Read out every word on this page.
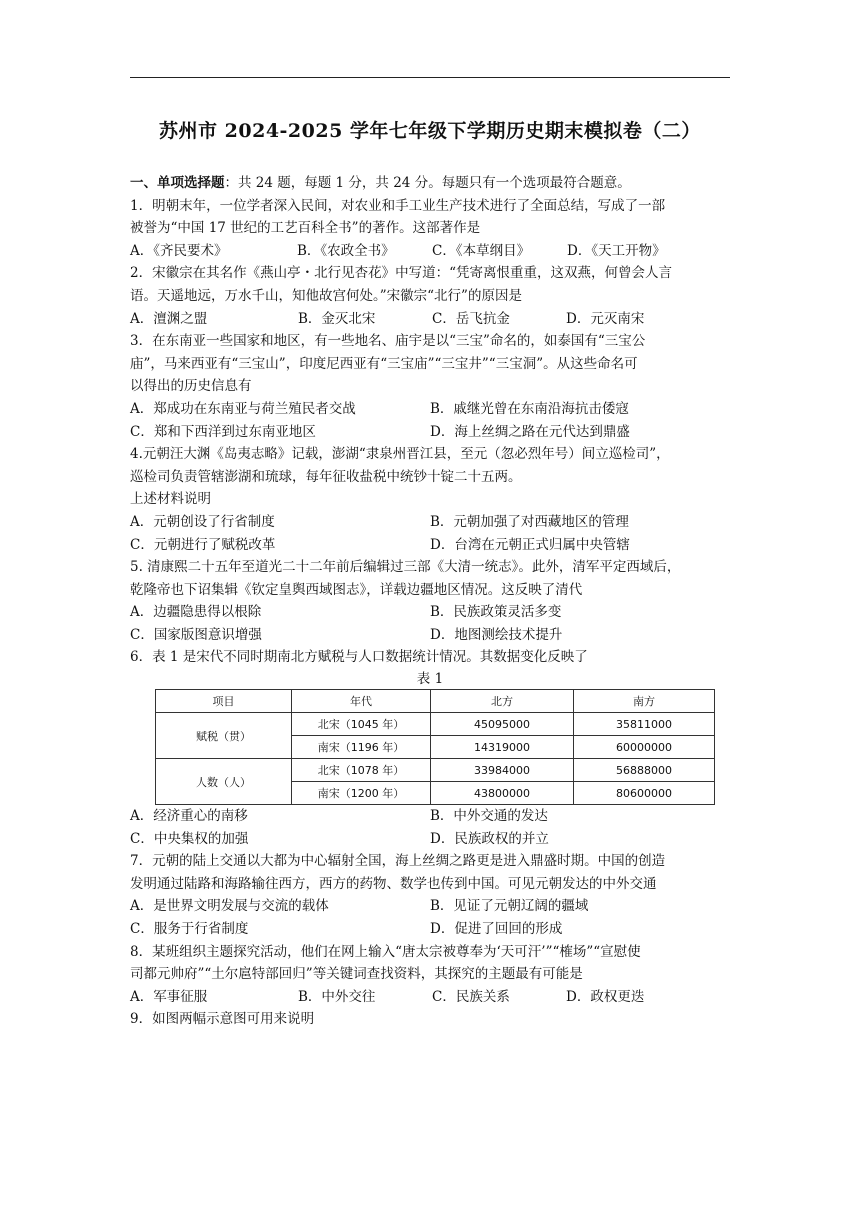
苏州市 2024-2025 学年七年级下学期历史期末模拟卷（二）
一、单项选择题：共 24 题，每题 1 分，共 24 分。每题只有一个选项最符合题意。
1．明朝末年，一位学者深入民间，对农业和手工业生产技术进行了全面总结，写成了一部
被誉为“中国 17 世纪的工艺百科全书”的著作。这部著作是
A．《齐民要术》	B．《农政全书》	C．《本草纲目》	D．《天工开物》
2．宋徽宗在其名作《燕山亭・北行见杏花》中写道：“凭寄离恨重重，这双燕，何曾会人言
语。天遥地远，万水千山，知他故宫何处。”宋徽宗“北行”的原因是
A．澶渊之盟	B．金灭北宋	C．岳飞抗金	D．元灭南宋
3．在东南亚一些国家和地区，有一些地名、庙宇是以“三宝”命名的，如泰国有“三宝公
庙”，马来西亚有“三宝山”，印度尼西亚有“三宝庙”“三宝井”“三宝洞”。从这些命名可
以得出的历史信息有
A．郑成功在东南亚与荷兰殖民者交战	B．戚继光曾在东南沿海抗击倭寇
C．郑和下西洋到过东南亚地区	D．海上丝绸之路在元代达到鼎盛
4.元朝汪大渊《岛夷志略》记载，澎湖“隶泉州晋江县，至元（忽必烈年号）间立巡检司”，
巡检司负责管辖澎湖和琉球，每年征收盐税中统钞十锭二十五两。
上述材料说明
A．元朝创设了行省制度	B．元朝加强了对西藏地区的管理
C．元朝进行了赋税改革	D．台湾在元朝正式归属中央管辖
5. 清康熙二十五年至道光二十二年前后编辑过三部《大清一统志》。此外，清军平定西域后，
乾隆帝也下诏集辑《钦定皇舆西域图志》，详载边疆地区情况。这反映了清代
A．边疆隐患得以根除	B．民族政策灵活多变
C．国家版图意识增强	D．地图测绘技术提升
6．表 1 是宋代不同时期南北方赋税与人口数据统计情况。其数据变化反映了
表 1
项目	年代	北方	南方
赋税（贯）	北宋（1045 年）	45095000	35811000
	南宋（1196 年）	14319000	60000000
人数（人）	北宋（1078 年）	33984000	56888000
	南宋（1200 年）	43800000	80600000
A．经济重心的南移	B．中外交通的发达
C．中央集权的加强	D．民族政权的并立
7．元朝的陆上交通以大都为中心辐射全国，海上丝绸之路更是进入鼎盛时期。中国的创造
发明通过陆路和海路输往西方，西方的药物、数学也传到中国。可见元朝发达的中外交通
A．是世界文明发展与交流的载体	B．见证了元朝辽阔的疆域
C．服务于行省制度	D．促进了回回的形成
8．某班组织主题探究活动，他们在网上输入“唐太宗被尊奉为‘天可汗’”“榷场”“宣慰使
司都元帅府”“土尔扈特部回归”等关键词查找资料，其探究的主题最有可能是
A．军事征服	B．中外交往	C．民族关系	D．政权更迭
9．如图两幅示意图可用来说明
